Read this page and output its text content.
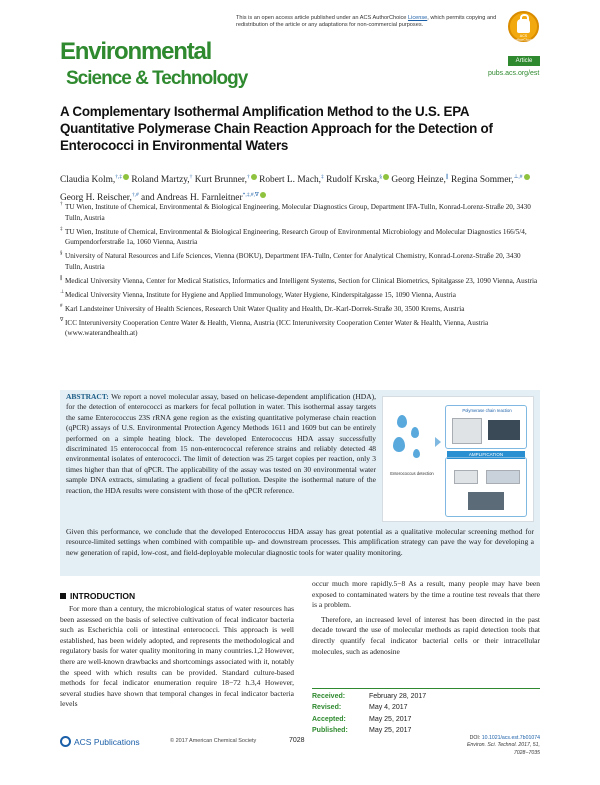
This is an open access article published under an ACS AuthorChoice License, which permits copying and redistribution of the article or any adaptations for non-commercial purposes.
ACS AuthorChoice
Environmental
Science & Technology
Article
pubs.acs.org/est
A Complementary Isothermal Amplification Method to the U.S. EPA Quantitative Polymerase Chain Reaction Approach for the Detection of Enterococci in Environmental Waters
Claudia Kolm,†,‡ Roland Martzy,† Kurt Brunner,† Robert L. Mach,‡ Rudolf Krska,§ Georg Heinze,∥ Regina Sommer,⊥,# Georg H. Reischer,†,# and Andreas H. Farnleitner*,‡,#,∇
† TU Wien, Institute of Chemical, Environmental & Biological Engineering, Molecular Diagnostics Group, Department IFA-Tulln, Konrad-Lorenz-Straße 20, 3430 Tulln, Austria
‡ TU Wien, Institute of Chemical, Environmental & Biological Engineering, Research Group of Environmental Microbiology and Molecular Diagnostics 166/5/4, Gumpendorferstraße 1a, 1060 Vienna, Austria
§ University of Natural Resources and Life Sciences, Vienna (BOKU), Department IFA-Tulln, Center for Analytical Chemistry, Konrad-Lorenz-Straße 20, 3430 Tulln, Austria
∥ Medical University Vienna, Center for Medical Statistics, Informatics and Intelligent Systems, Section for Clinical Biometrics, Spitalgasse 23, 1090 Vienna, Austria
⊥ Medical University Vienna, Institute for Hygiene and Applied Immunology, Water Hygiene, Kinderspitalgasse 15, 1090 Vienna, Austria
# Karl Landsteiner University of Health Sciences, Research Unit Water Quality and Health, Dr.-Karl-Dorrek-Straße 30, 3500 Krems, Austria
∇ ICC Interuniversity Cooperation Centre Water & Health, Vienna, Austria (ICC Interuniversity Cooperation Center Water & Health, Vienna, Austria (www.waterandhealth.at)
ABSTRACT: We report a novel molecular assay, based on helicase-dependent amplification (HDA), for the detection of enterococci as markers for fecal pollution in water. This isothermal assay targets the same Enterococcus 23S rRNA gene region as the existing quantitative polymerase chain reaction (qPCR) assays of U.S. Environmental Protection Agency Methods 1611 and 1609 but can be entirely performed on a simple heating block. The developed Enterococcus HDA assay successfully discriminated 15 enterococcal from 15 non-enterococcal reference strains and reliably detected 48 environmental isolates of enterococci. The limit of detection was 25 target copies per reaction, only 3 times higher than that of qPCR. The applicability of the assay was tested on 30 environmental water sample DNA extracts, simulating a gradient of fecal pollution. Despite the isothermal nature of the reaction, the HDA results were consistent with those of the qPCR reference.
Given this performance, we conclude that the developed Enterococcus HDA assay has great potential as a qualitative molecular screening method for resource-limited settings when combined with compatible up- and downstream processes. This amplification strategy can pave the way for developing a new generation of rapid, low-cost, and field-deployable molecular diagnostic tools for water quality monitoring.
Enterococcus detection
Polymerase chain reaction
AMPLIFICATION
INTRODUCTION

For more than a century, the microbiological status of water resources has been assessed on the basis of selective cultivation of fecal indicator bacteria such as Escherichia coli or intestinal enterococci. This approach is well established, has been widely adopted, and represents the methodological and regulatory basis for water quality monitoring in many countries.1,2 However, there are well-known drawbacks and shortcomings associated with it, notably the speed with which results can be provided. Standard culture-based methods for fecal indicator enumeration require 18−72 h.3,4 However, several studies have shown that temporal changes in fecal indicator bacteria levels

occur much more rapidly.5−8 As a result, many people may have been exposed to contaminated waters by the time a routine test reveals that there is a problem.

Therefore, an increased level of interest has been directed in the past decade toward the use of molecular methods as rapid detection tools that directly quantify fecal indicator bacterial cells or their intracellular molecules, such as adenosine

Received:	February 28, 2017
Revised:	May 4, 2017
Accepted:	May 25, 2017
Published:	May 25, 2017
ACS Publications	© 2017 American Chemical Society	7028	DOI: 10.1021/acs.est.7b01074
Environ. Sci. Technol. 2017, 51, 7028−7035
